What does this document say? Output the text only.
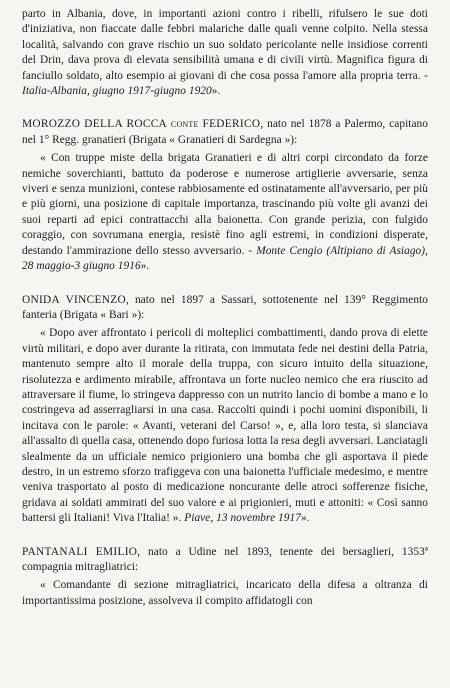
parto in Albania, dove, in importanti azioni contro i ribelli, rifulsero le sue doti d'iniziativa, non fiaccate dalle febbri malariche dalle quali venne colpito. Nella stessa località, salvando con grave rischio un suo soldato pericolante nelle insidiose correnti del Drin, dava prova di elevata sensibilità umana e di civili virtù. Magnifica figura di fanciullo soldato, alto esempio ai giovani di che cosa possa l'amore alla propria terra. - Italia-Albania, giugno 1917-giugno 1920».

MOROZZO DELLA ROCCA conte FEDERICO, nato nel 1878 a Palermo, capitano nel 1° Regg. granatieri (Brigata « Granatieri di Sardegna »):

« Con truppe miste della brigata Granatieri e di altri corpi circondato da forze nemiche soverchianti, battuto da poderose e numerose artiglierie avversarie, senza viveri e senza munizioni, contese rabbiosamente ed ostinatamente all'avversario, per più e più giorni, una posizione di capitale importanza, trascinando più volte gli avanzi dei suoi reparti ad epici contrattacchi alla baionetta. Con grande perizia, con fulgido coraggio, con sovrumana energia, resistè fino agli estremi, in condizioni disperate, destando l'ammirazione dello stesso avversario. - Monte Cengio (Altipiano di Asiago), 28 maggio-3 giugno 1916».

ONIDA VINCENZO, nato nel 1897 a Sassari, sottotenente nel 139° Reggimento fanteria (Brigata « Bari »):

« Dopo aver affrontato i pericoli di molteplici combattimenti, dando prova di elette virtù militari, e dopo aver durante la ritirata, con immutata fede nei destini della Patria, mantenuto sempre alto il morale della truppa, con sicuro intuito della situazione, risolutezza e ardimento mirabile, affrontava un forte nucleo nemico che era riuscito ad attraversare il fiume, lo stringeva dappresso con un nutrito lancio di bombe a mano e lo costringeva ad asserragliarsi in una casa. Raccolti quindi i pochi uomini disponibili, li incitava con le parole: « Avanti, veterani del Carso! », e, alla loro testa, si slanciava all'assalto di quella casa, ottenendo dopo furiosa lotta la resa degli avversari. Lanciatagli slealmente da un ufficiale nemico prigioniero una bomba che gli asportava il piede destro, in un estremo sforzo trafiggeva con una baionetta l'ufficiale medesimo, e mentre veniva trasportato al posto di medicazione noncurante delle atroci sofferenze fisiche, gridava ai soldati ammirati del suo valore e ai prigionieri, muti e attoniti: « Così sanno battersi gli Italiani! Viva l'Italia! ». Piave, 13 novembre 1917».

PANTANALI EMILIO, nato a Udine nel 1893, tenente dei bersaglieri, 1353ª compagnia mitragliatrici:

« Comandante di sezione mitragliatrici, incaricato della difesa a oltranza di importantissima posizione, assolveva il compito affidatogli con
